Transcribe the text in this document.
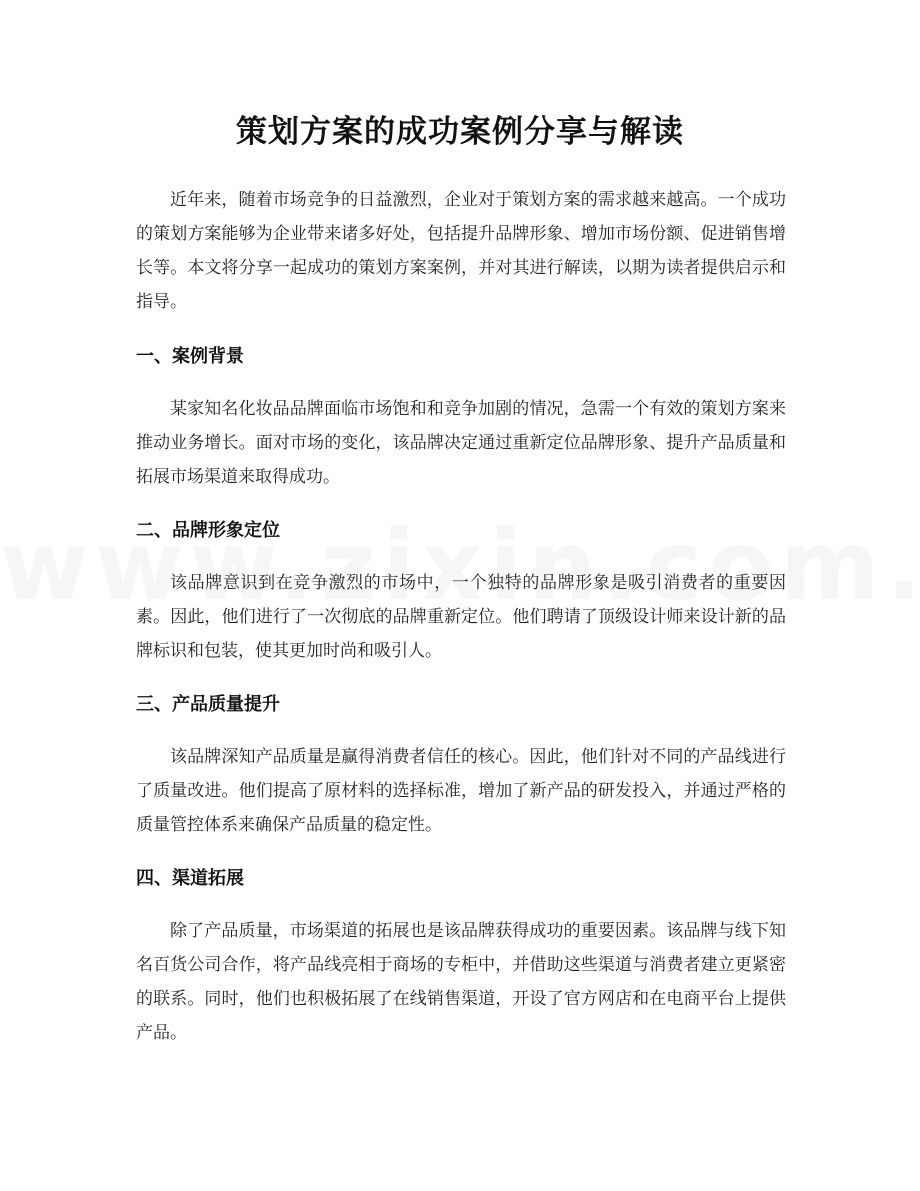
策划方案的成功案例分享与解读

近年来，随着市场竞争的日益激烈，企业对于策划方案的需求越来越高。一个成功的策划方案能够为企业带来诸多好处，包括提升品牌形象、增加市场份额、促进销售增长等。本文将分享一起成功的策划方案案例，并对其进行解读，以期为读者提供启示和指导。

一、案例背景

某家知名化妆品品牌面临市场饱和和竞争加剧的情况，急需一个有效的策划方案来推动业务增长。面对市场的变化，该品牌决定通过重新定位品牌形象、提升产品质量和拓展市场渠道来取得成功。

二、品牌形象定位

该品牌意识到在竞争激烈的市场中，一个独特的品牌形象是吸引消费者的重要因素。因此，他们进行了一次彻底的品牌重新定位。他们聘请了顶级设计师来设计新的品牌标识和包装，使其更加时尚和吸引人。

三、产品质量提升

该品牌深知产品质量是赢得消费者信任的核心。因此，他们针对不同的产品线进行了质量改进。他们提高了原材料的选择标准，增加了新产品的研发投入，并通过严格的质量管控体系来确保产品质量的稳定性。

四、渠道拓展

除了产品质量，市场渠道的拓展也是该品牌获得成功的重要因素。该品牌与线下知名百货公司合作，将产品线亮相于商场的专柜中，并借助这些渠道与消费者建立更紧密的联系。同时，他们也积极拓展了在线销售渠道，开设了官方网店和在电商平台上提供产品。
